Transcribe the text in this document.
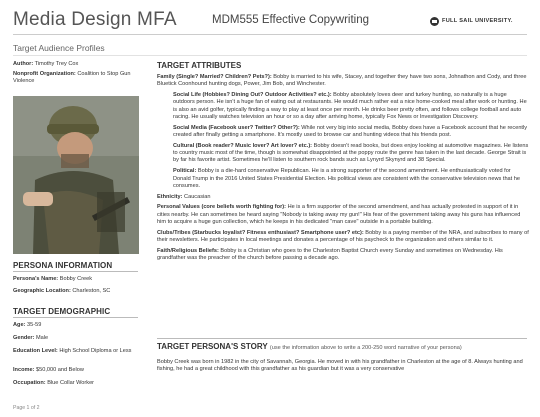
Media Design MFA	MDM555 Effective Copywriting	FULL SAIL UNIVERSITY.
Target Audience Profiles
Author: Timothy Trey Cox
Nonprofit Organization: Coalition to Stop Gun Violence
PERSONA INFORMATION
Persona's Name: Bobby Creek
Geographic Location: Charleston, SC
TARGET DEMOGRAPHIC
Age: 35-59
Gender: Male
Education Level: High School Diploma or Less
Income: $50,000 and Below
Occupation: Blue Collar Worker
TARGET ATTRIBUTES
Family (Single? Married? Children? Pets?): Bobby is married to his wife, Stacey, and together they have two sons, Johnathon and Cody, and three Bluetick Coonhound hunting dogs, Power, Jim Bob, and Winchester.
Social Life (Hobbies? Dining Out? Outdoor Activities? etc.): Bobby absolutely loves deer and turkey hunting, so naturally is a huge outdoors person. He isn't a huge fan of eating out at restaurants. He would much rather eat a nice home-cooked meal after work or hunting. He is also an avid golfer, typically finding a way to play at least once per month. He drinks beer pretty often, and follows college football and auto racing. He usually watches television an hour or so a day after arriving home, typically Fox News or Investigation Discovery.
Social Media (Facebook user? Twitter? Other?): While not very big into social media, Bobby does have a Facebook account that he recently created after finally getting a smartphone. It's mostly used to browse car and hunting videos that his friends post.
Cultural (Book reader? Music lover? Art lover? etc.): Bobby doesn't read books, but does enjoy looking at automotive magazines. He listens to country music most of the time, though is somewhat disappointed at the poppy route the genre has taken in the last decade. George Strait is by far his favorite artist. Sometimes he'll listen to southern rock bands such as Lynyrd Skynyrd and 38 Special.
Political: Bobby is a die-hard conservative Republican. He is a strong supporter of the second amendment. He enthusiastically voted for Donald Trump in the 2016 United States Presidential Election. His political views are consistent with the conservative television news that he consumes.
Ethnicity: Caucasian
Personal Values (core beliefs worth fighting for): He is a firm supporter of the second amendment, and has actually protested in support of it in cities nearby. He can sometimes be heard saying "Nobody is taking away my gun!" His fear of the government taking away his guns has influenced him to acquire a huge gun collection, which he keeps in his dedicated "man cave" outside in a portable building.
Clubs/Tribes (Starbucks loyalist? Fitness enthusiast? Smartphone user? etc): Bobby is a paying member of the NRA, and subscribes to many of their newsletters. He participates in local meetings and donates a percentage of his paycheck to the organization and others similar to it.
Faith/Religious Beliefs: Bobby is a Christian who goes to the Charleston Baptist Church every Sunday and sometimes on Wednesday. His grandfather was the preacher of the church before passing a decade ago.
TARGET PERSONA'S STORY (use the information above to write a 200-250 word narrative of your persona)
Bobby Creek was born in 1982 in the city of Savannah, Georgia. He moved in with his grandfather in Charleston at the age of 8. Always hunting and fishing, he had a great childhood with this grandfather as his guardian but it was a very conservative
Page 1 of 2
